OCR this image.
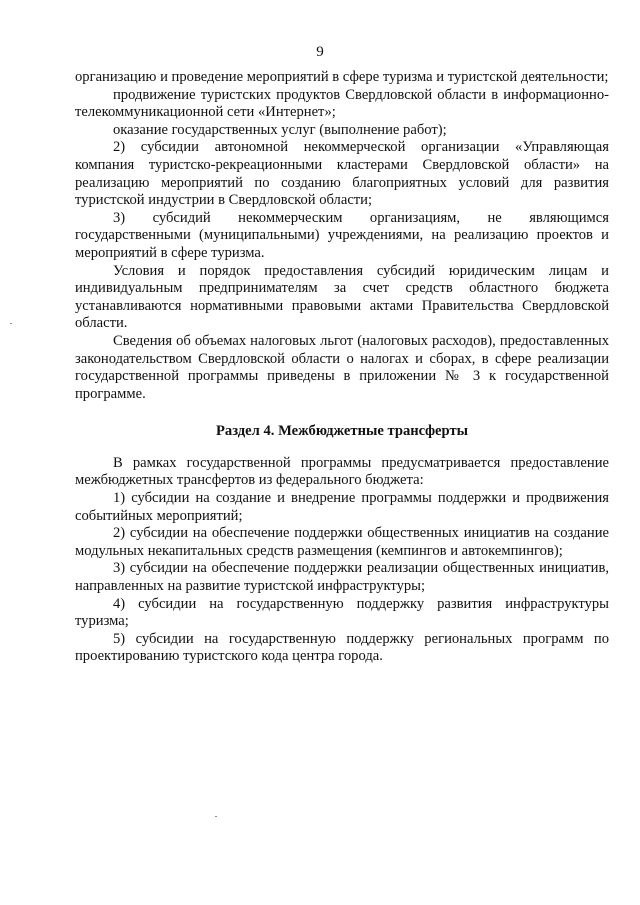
9

организацию и проведение мероприятий в сфере туризма и туристской деятельности;

продвижение туристских продуктов Свердловской области в информационно-телекоммуникационной сети «Интернет»;

оказание государственных услуг (выполнение работ);

2) субсидии автономной некоммерческой организации «Управляющая компания туристско-рекреационными кластерами Свердловской области» на реализацию мероприятий по созданию благоприятных условий для развития туристской индустрии в Свердловской области;

3) субсидий некоммерческим организациям, не являющимся государственными (муниципальными) учреждениями, на реализацию проектов и мероприятий в сфере туризма.

Условия и порядок предоставления субсидий юридическим лицам и индивидуальным предпринимателям за счет средств областного бюджета устанавливаются нормативными правовыми актами Правительства Свердловской области.

Сведения об объемах налоговых льгот (налоговых расходов), предоставленных законодательством Свердловской области о налогах и сборах, в сфере реализации государственной программы приведены в приложении № 3 к государственной программе.

Раздел 4. Межбюджетные трансферты

В рамках государственной программы предусматривается предоставление межбюджетных трансфертов из федерального бюджета:

1) субсидии на создание и внедрение программы поддержки и продвижения событийных мероприятий;

2) субсидии на обеспечение поддержки общественных инициатив на создание модульных некапитальных средств размещения (кемпингов и автокемпингов);

3) субсидии на обеспечение поддержки реализации общественных инициатив, направленных на развитие туристской инфраструктуры;

4) субсидии на государственную поддержку развития инфраструктуры туризма;

5) субсидии на государственную поддержку региональных программ по проектированию туристского кода центра города.
